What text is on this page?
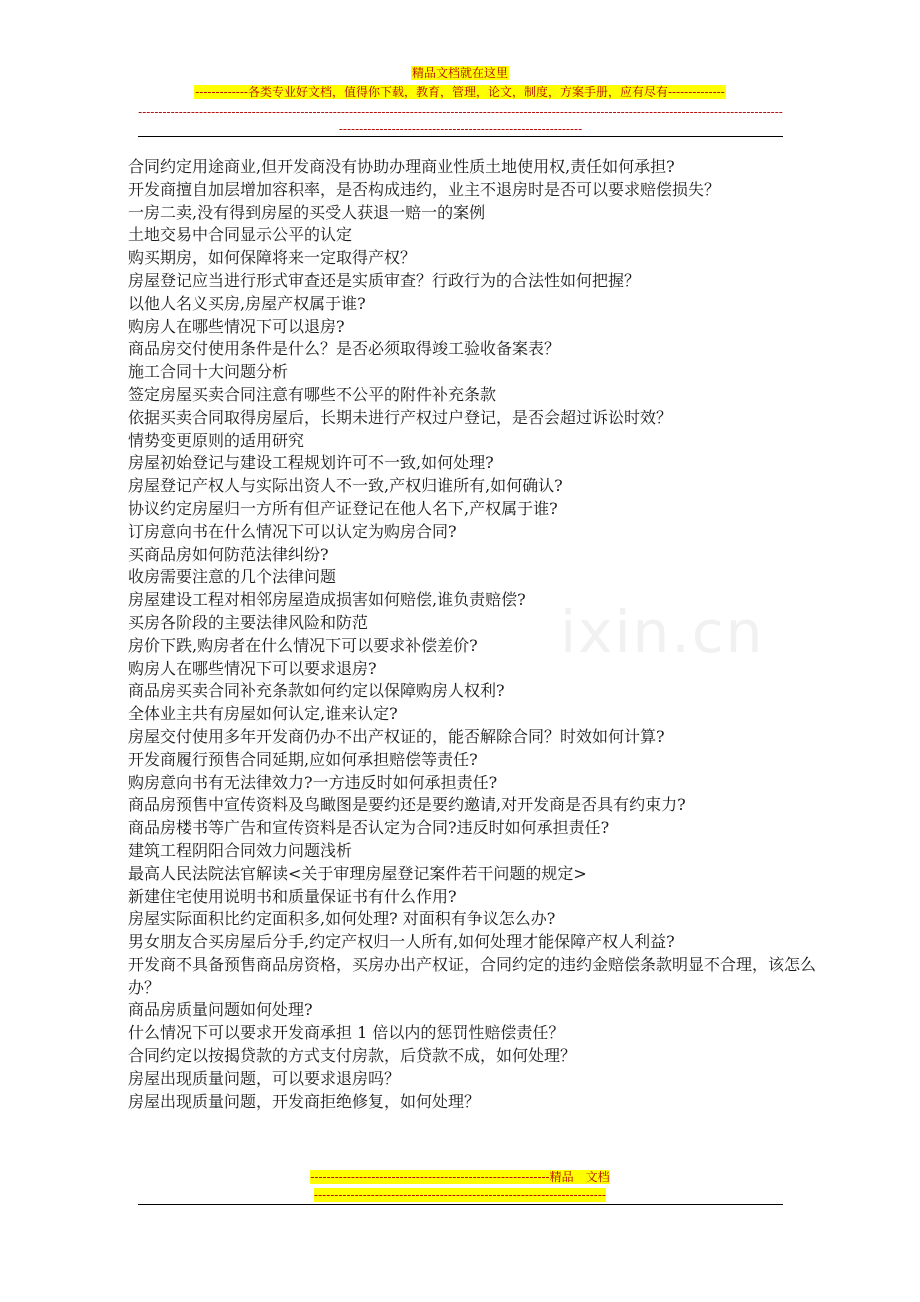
精品文档就在这里
-------------各类专业好文档，值得你下载，教育，管理，论文，制度，方案手册，应有尽有--------------
---------------------------------------------------------------------------------------------------------------------------------------------------------------------------------------------------------------------------
ixin.cn
合同约定用途商业,但开发商没有协助办理商业性质土地使用权,责任如何承担?
开发商擅自加层增加容积率，是否构成违约，业主不退房时是否可以要求赔偿损失？
一房二卖,没有得到房屋的买受人获退一赔一的案例
土地交易中合同显示公平的认定
购买期房，如何保障将来一定取得产权？
房屋登记应当进行形式审查还是实质审查？行政行为的合法性如何把握？
以他人名义买房,房屋产权属于谁?
购房人在哪些情况下可以退房?
商品房交付使用条件是什么？是否必须取得竣工验收备案表？
施工合同十大问题分析
签定房屋买卖合同注意有哪些不公平的附件补充条款
依据买卖合同取得房屋后，长期未进行产权过户登记，是否会超过诉讼时效？
情势变更原则的适用研究
房屋初始登记与建设工程规划许可不一致,如何处理?
房屋登记产权人与实际出资人不一致,产权归谁所有,如何确认?
协议约定房屋归一方所有但产证登记在他人名下,产权属于谁?
订房意向书在什么情况下可以认定为购房合同?
买商品房如何防范法律纠纷?
收房需要注意的几个法律问题
房屋建设工程对相邻房屋造成损害如何赔偿,谁负责赔偿?
买房各阶段的主要法律风险和防范
房价下跌,购房者在什么情况下可以要求补偿差价?
购房人在哪些情况下可以要求退房?
商品房买卖合同补充条款如何约定以保障购房人权利?
全体业主共有房屋如何认定,谁来认定?
房屋交付使用多年开发商仍办不出产权证的，能否解除合同？时效如何计算?
开发商履行预售合同延期,应如何承担赔偿等责任?
购房意向书有无法律效力?一方违反时如何承担责任?
商品房预售中宣传资料及鸟瞰图是要约还是要约邀请,对开发商是否具有约束力?
商品房楼书等广告和宣传资料是否认定为合同?违反时如何承担责任?
建筑工程阴阳合同效力问题浅析
最高人民法院法官解读<关于审理房屋登记案件若干问题的规定>
新建住宅使用说明书和质量保证书有什么作用?
房屋实际面积比约定面积多,如何处理? 对面积有争议怎么办?
男女朋友合买房屋后分手,约定产权归一人所有,如何处理才能保障产权人利益?
开发商不具备预售商品房资格，买房办出产权证，合同约定的违约金赔偿条款明显不合理，该怎么办？
商品房质量问题如何处理?
什么情况下可以要求开发商承担 1 倍以内的惩罚性赔偿责任？
合同约定以按揭贷款的方式支付房款，后贷款不成，如何处理？
房屋出现质量问题，可以要求退房吗？
房屋出现质量问题，开发商拒绝修复，如何处理？
-----------------------------------------------------------精品　文档
------------------------------------------------------------------------
